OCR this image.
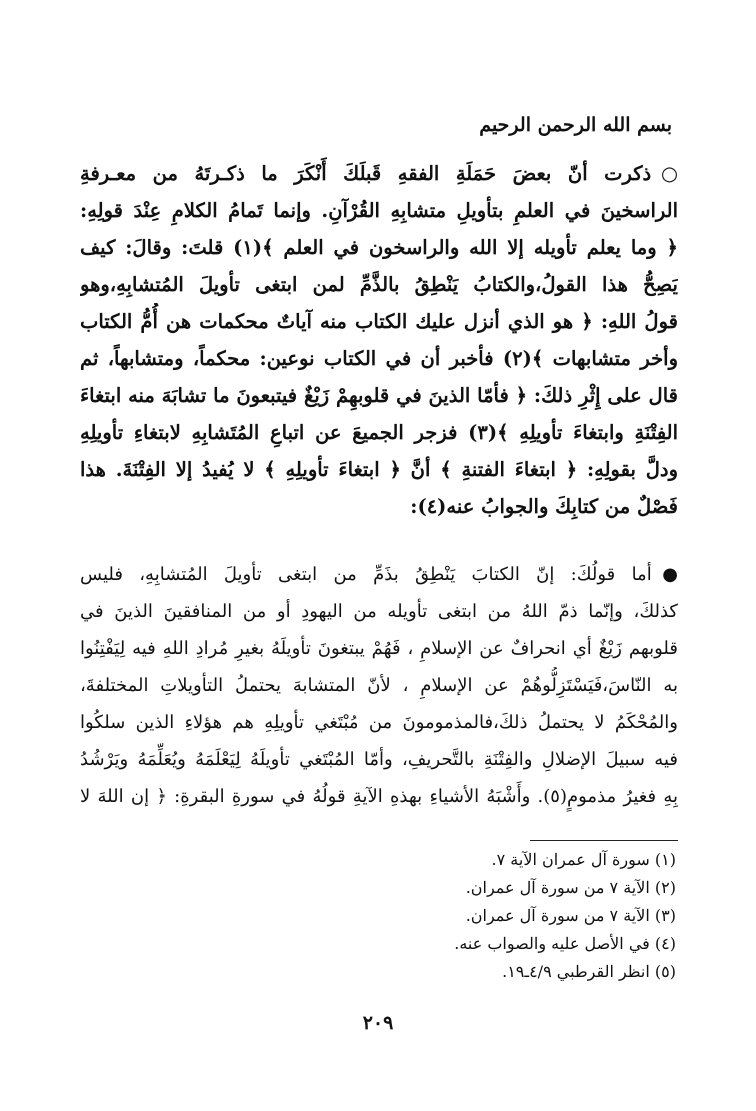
بسم الله الرحمن الرحيم
○ذكرت أنّ بعضَ حَمَلَةِ الفقهِ قَبلَكَ أَنْكَرَ ما ذكـرتَهُ من معـرفةِ
الراسخينَ في العلمِ بتأويلِ متشابِهِ القُرْآنِ. وإنما تَمامُ الكلامِ عِنْدَ قولِهِ:
﴿ وما يعلم تأويله إلا الله والراسخون في العلم ﴾(١) قلتَ: وقالَ: كيف
يَصِحُّ هذا القولُ،والكتابُ يَنْطِقُ بالذَّمِّ لمن ابتغى تأويلَ المُتشابِهِ،وهو
قولُ اللهِ: ﴿ هو الذي أنزل عليك الكتاب منه آياتٌ محكمات هن أُمُّ الكتاب
وأخر متشابهات ﴾(٢) فأخبر أن في الكتاب نوعين: محكماً، ومتشابهاً، ثم
قال على إِثْرِ ذلكَ: ﴿ فأمّا الذينَ في قلوبهِمْ زَيْغٌ فيتبعونَ ما تشابَهَ منه ابتغاءَ
الفِتْنَةِ وابتغاءَ تأويلِهِ ﴾(٣) فزجر الجميعَ عن اتباعِ المُتَشابِهِ لابتغاءِ تأويلِهِ
ودلَّ بقولِهِ: ﴿ ابتغاءَ الفتنةِ ﴾ أنَّ ﴿ ابتغاءَ تأويلِهِ ﴾ لا يُفيدُ إلا الفِتْنَةَ. هذا
فَصْلٌ من كتابِكَ والجوابُ عنه(٤):
●أما قولُكَ: إنّ الكتابَ يَنْطِقُ بذَمِّ من ابتغى تأويلَ المُتشابِهِ، فليس
كذلكَ، وإنّما ذمّ اللهُ من ابتغى تأويله من اليهودِ أو من المنافقينَ الذينَ في
قلوبهم زَيْغٌ أي انحرافٌ عن الإسلامِ ، فَهُمْ يبتغونَ تأويلَهُ بغيرِ مُرادِ اللهِ فيه لِيَفْتِنُوا
به النّاسَ،فَيَسْتَزِلُّوهُمْ عن الإسلامِ ، لأنّ المتشابهَ يحتملُ التأويلاتِ المختلفةَ،
والمُحْكَمُ لا يحتملُ ذلكَ،فالمذمومونَ من مُبْتَغي تأويلِهِ هم هؤلاءِ الذين سلكُوا
فيه سبيلَ الإضلالِ والفِتْنَةِ بالتَّحريفِ، وأمّا المُبْتَغي تأويلَهُ لِيَعْلَمَهُ ويُعَلِّمَهُ ويَرْشُدُ
بِهِ فغيرُ مذمومٍ(٥). وأَشْبَهُ الأشياءِ بهذهِ الآيةِ قولُهُ في سورةِ البقرةِ: ﴿ إن اللهَ لا
(١) سورة آل عمران الآية ٧.
(٢) الآية ٧ من سورة آل عمران.
(٣) الآية ٧ من سورة آل عمران.
(٤) في الأصل عليه والصواب عنه.
(٥) انظر القرطبي ٤/٩ـ١٩.
٢٠٩
